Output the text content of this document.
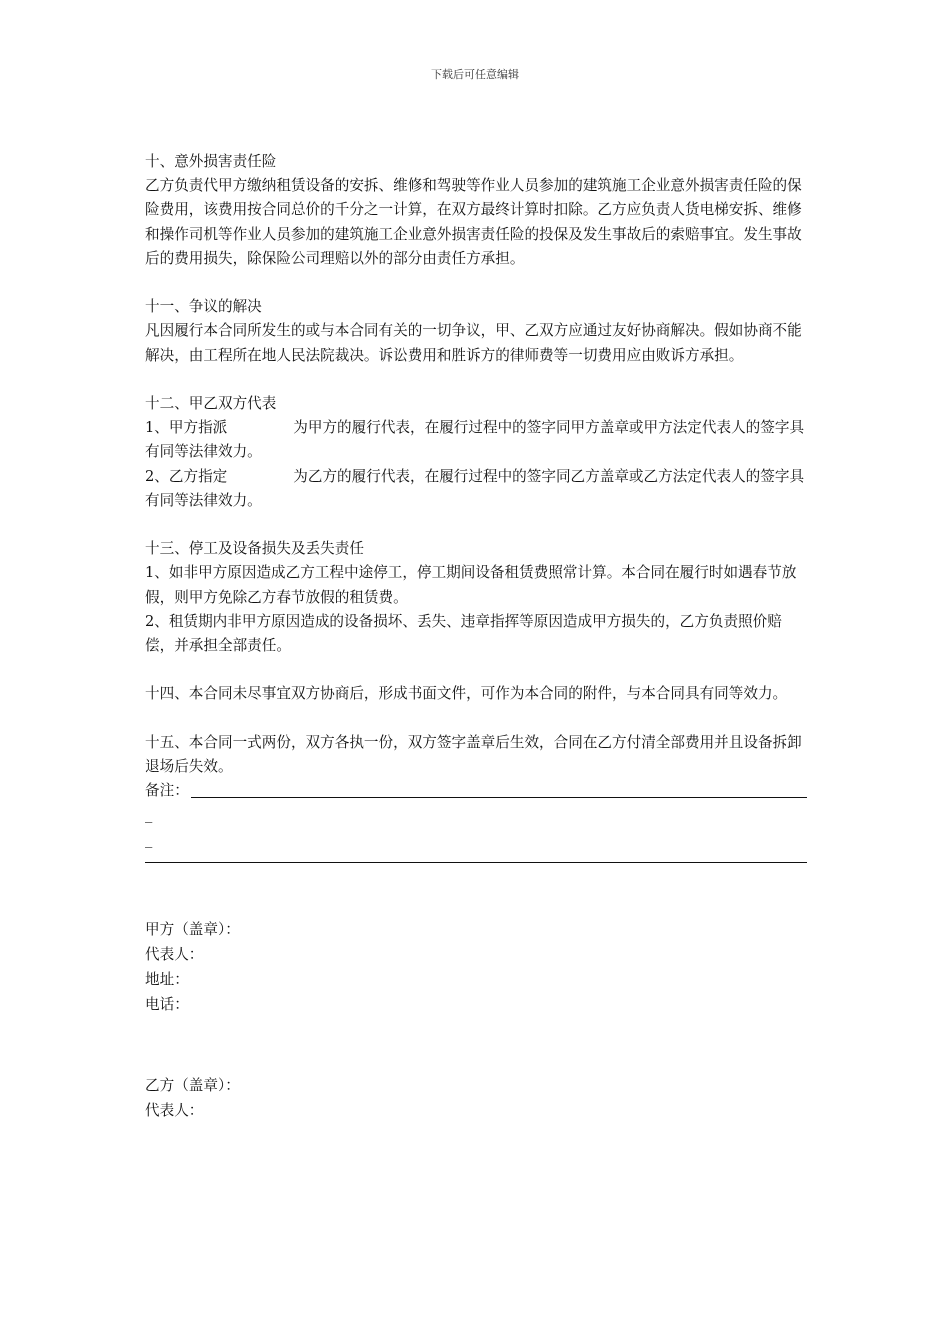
下载后可任意编辑

十、意外损害责任险

乙方负责代甲方缴纳租赁设备的安拆、维修和驾驶等作业人员参加的建筑施工企业意外损害责任险的保险费用，该费用按合同总价的千分之一计算，在双方最终计算时扣除。乙方应负责人货电梯安拆、维修和操作司机等作业人员参加的建筑施工企业意外损害责任险的投保及发生事故后的索赔事宜。发生事故后的费用损失，除保险公司理赔以外的部分由责任方承担。

十一、争议的解决

凡因履行本合同所发生的或与本合同有关的一切争议，甲、乙双方应通过友好协商解决。假如协商不能解决，由工程所在地人民法院裁决。诉讼费用和胜诉方的律师费等一切费用应由败诉方承担。

十二、甲乙双方代表

1、甲方指派	为甲方的履行代表，在履行过程中的签字同甲方盖章或甲方法定代表人的签字具有同等法律效力。

2、乙方指定	为乙方的履行代表，在履行过程中的签字同乙方盖章或乙方法定代表人的签字具有同等法律效力。

十三、停工及设备损失及丢失责任

1、如非甲方原因造成乙方工程中途停工，停工期间设备租赁费照常计算。本合同在履行时如遇春节放假，则甲方免除乙方春节放假的租赁费。

2、租赁期内非甲方原因造成的设备损坏、丢失、违章指挥等原因造成甲方损失的，乙方负责照价赔偿，并承担全部责任。

十四、本合同未尽事宜双方协商后，形成书面文件，可作为本合同的附件，与本合同具有同等效力。

十五、本合同一式两份，双方各执一份，双方签字盖章后生效，合同在乙方付清全部费用并且设备拆卸退场后失效。

备注：
_
_

甲方（盖章）：

代表人：

地址：

电话：

乙方（盖章）：

代表人：
